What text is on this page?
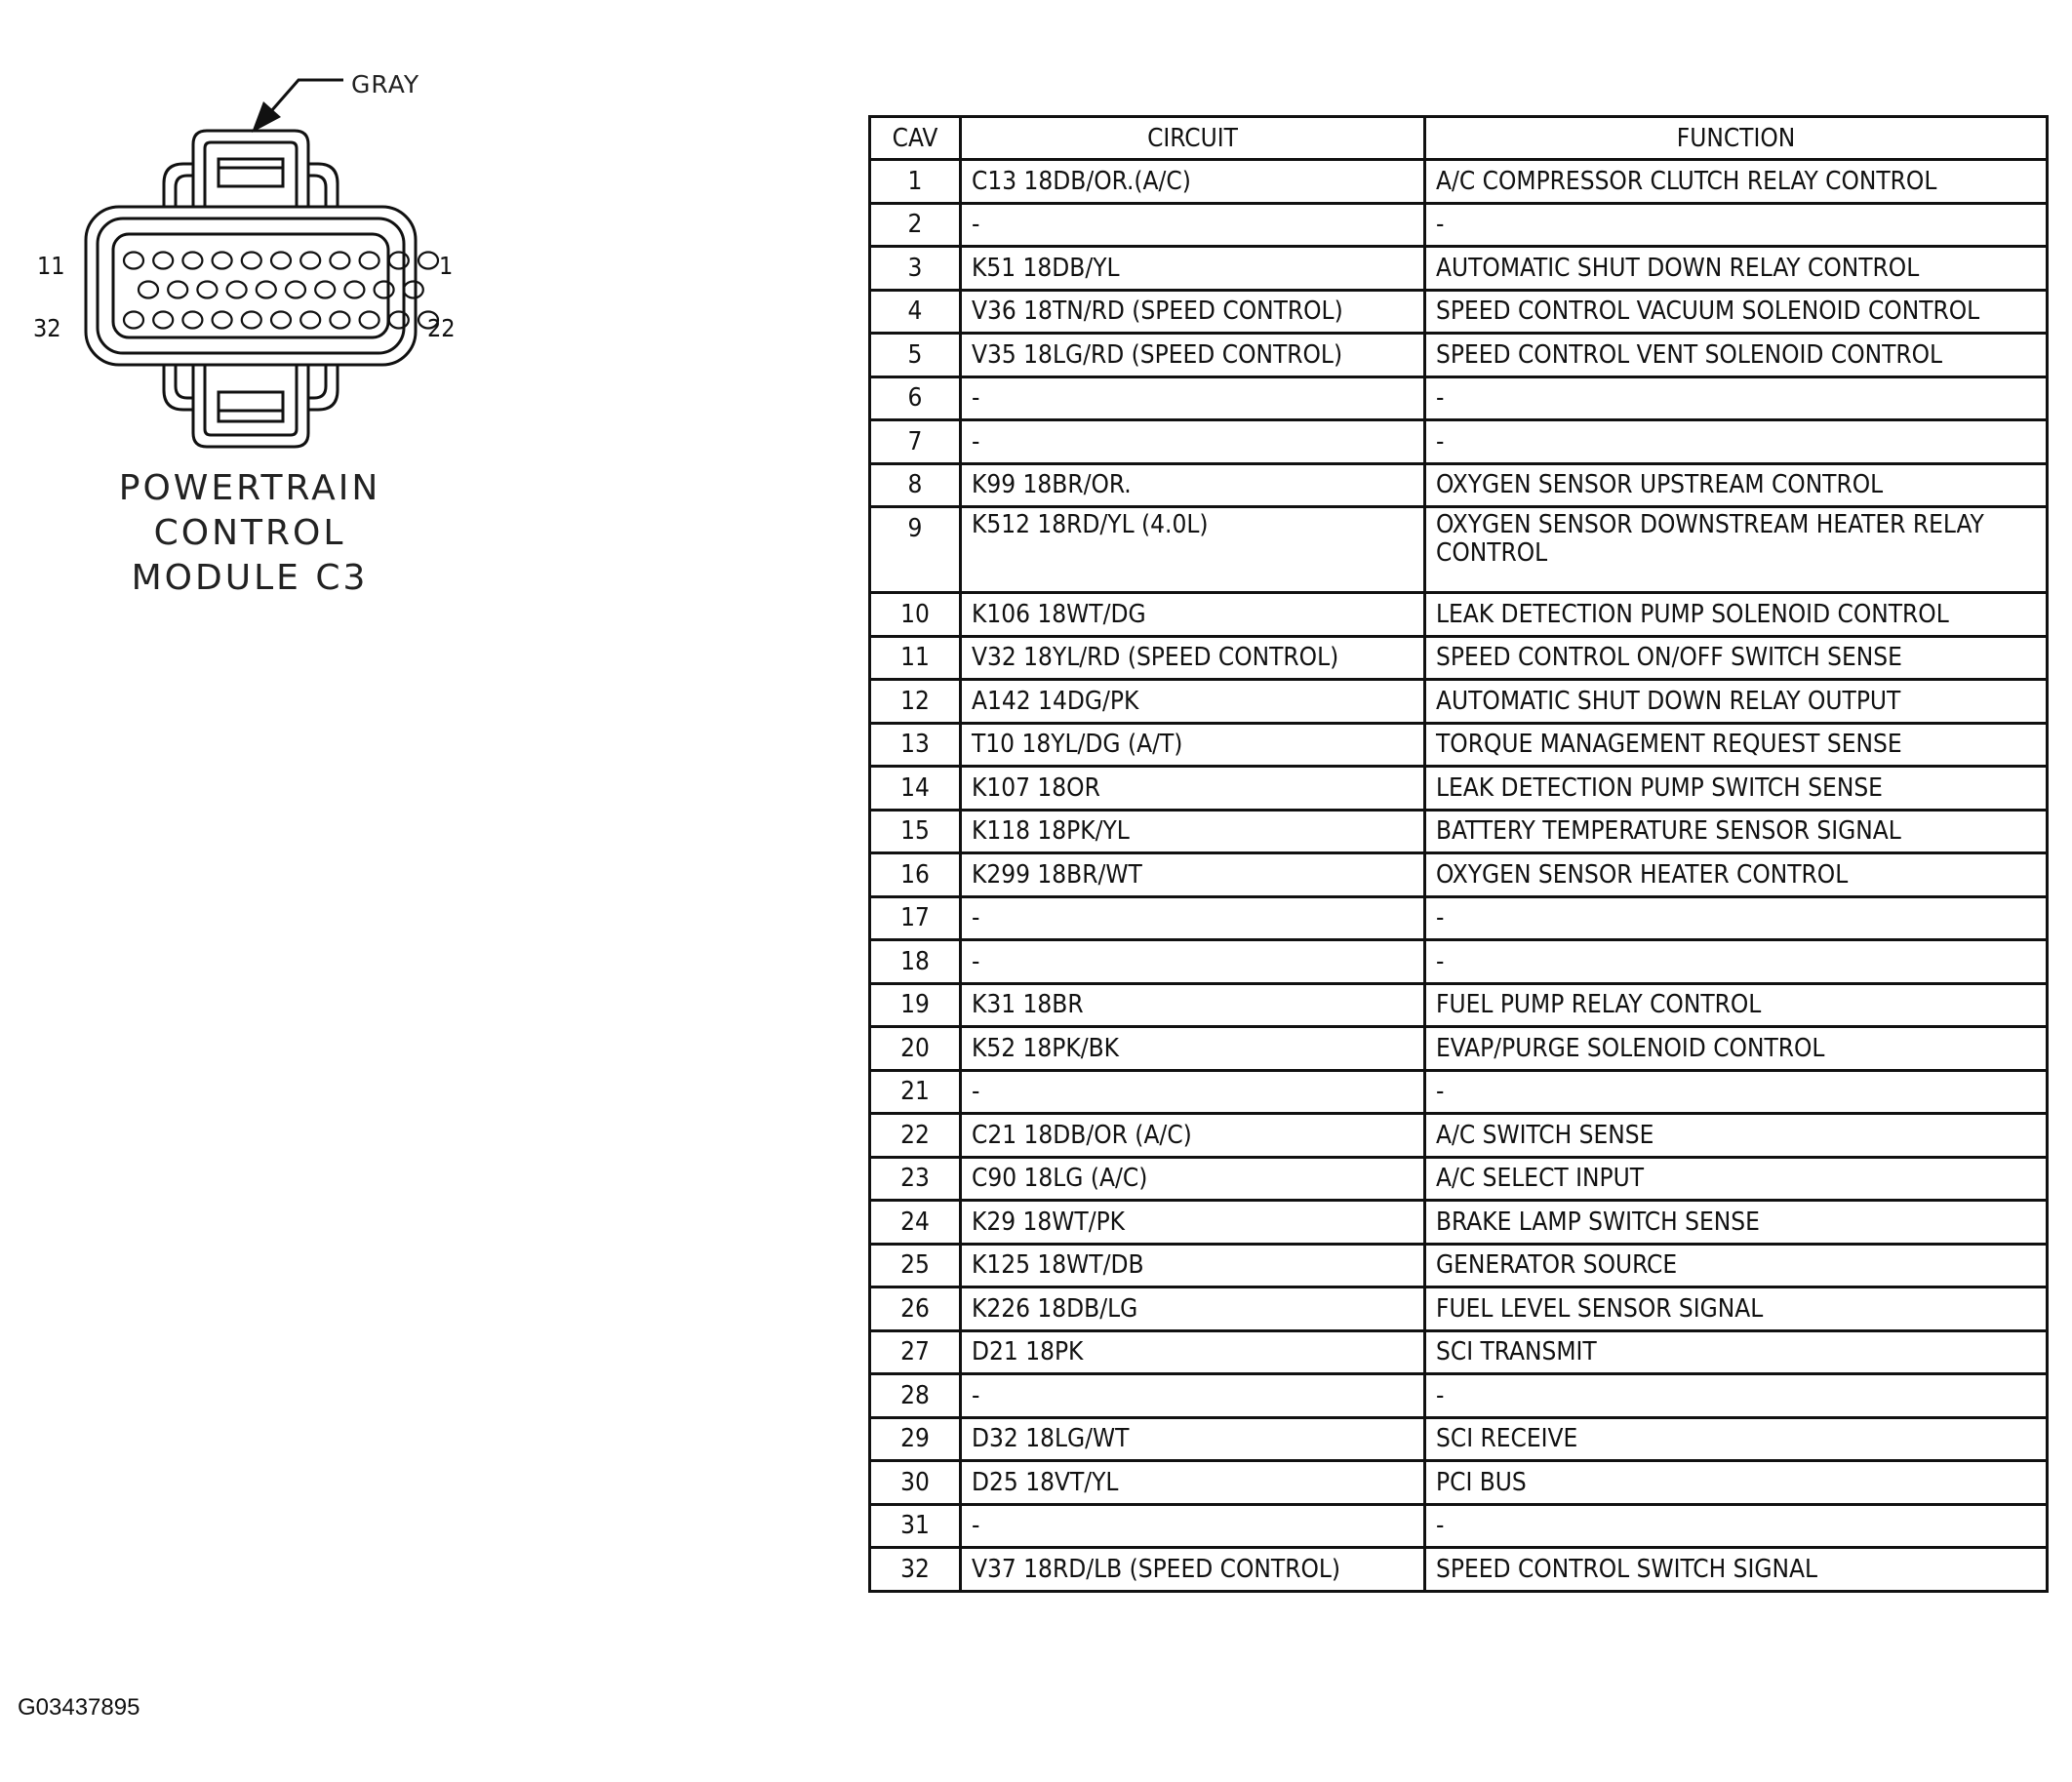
GRAY
11	1
32	22
POWERTRAIN
CONTROL
MODULE C3
CAV	CIRCUIT	FUNCTION
1	C13 18DB/OR.(A/C)	A/C COMPRESSOR CLUTCH RELAY CONTROL
2	-	-
3	K51 18DB/YL	AUTOMATIC SHUT DOWN RELAY CONTROL
4	V36 18TN/RD (SPEED CONTROL)	SPEED CONTROL VACUUM SOLENOID CONTROL
5	V35 18LG/RD (SPEED CONTROL)	SPEED CONTROL VENT SOLENOID CONTROL
6	-	-
7	-	-
8	K99 18BR/OR.	OXYGEN SENSOR UPSTREAM CONTROL
9	K512 18RD/YL (4.0L)	OXYGEN SENSOR DOWNSTREAM HEATER RELAY CONTROL
10	K106 18WT/DG	LEAK DETECTION PUMP SOLENOID CONTROL
11	V32 18YL/RD (SPEED CONTROL)	SPEED CONTROL ON/OFF SWITCH SENSE
12	A142 14DG/PK	AUTOMATIC SHUT DOWN RELAY OUTPUT
13	T10 18YL/DG (A/T)	TORQUE MANAGEMENT REQUEST SENSE
14	K107 18OR	LEAK DETECTION PUMP SWITCH SENSE
15	K118 18PK/YL	BATTERY TEMPERATURE SENSOR SIGNAL
16	K299 18BR/WT	OXYGEN SENSOR HEATER CONTROL
17	-	-
18	-	-
19	K31 18BR	FUEL PUMP RELAY CONTROL
20	K52 18PK/BK	EVAP/PURGE SOLENOID CONTROL
21	-	-
22	C21 18DB/OR (A/C)	A/C SWITCH SENSE
23	C90 18LG (A/C)	A/C SELECT INPUT
24	K29 18WT/PK	BRAKE LAMP SWITCH SENSE
25	K125 18WT/DB	GENERATOR SOURCE
26	K226 18DB/LG	FUEL LEVEL SENSOR SIGNAL
27	D21 18PK	SCI TRANSMIT
28	-	-
29	D32 18LG/WT	SCI RECEIVE
30	D25 18VT/YL	PCI BUS
31	-	-
32	V37 18RD/LB (SPEED CONTROL)	SPEED CONTROL SWITCH SIGNAL
G03437895
